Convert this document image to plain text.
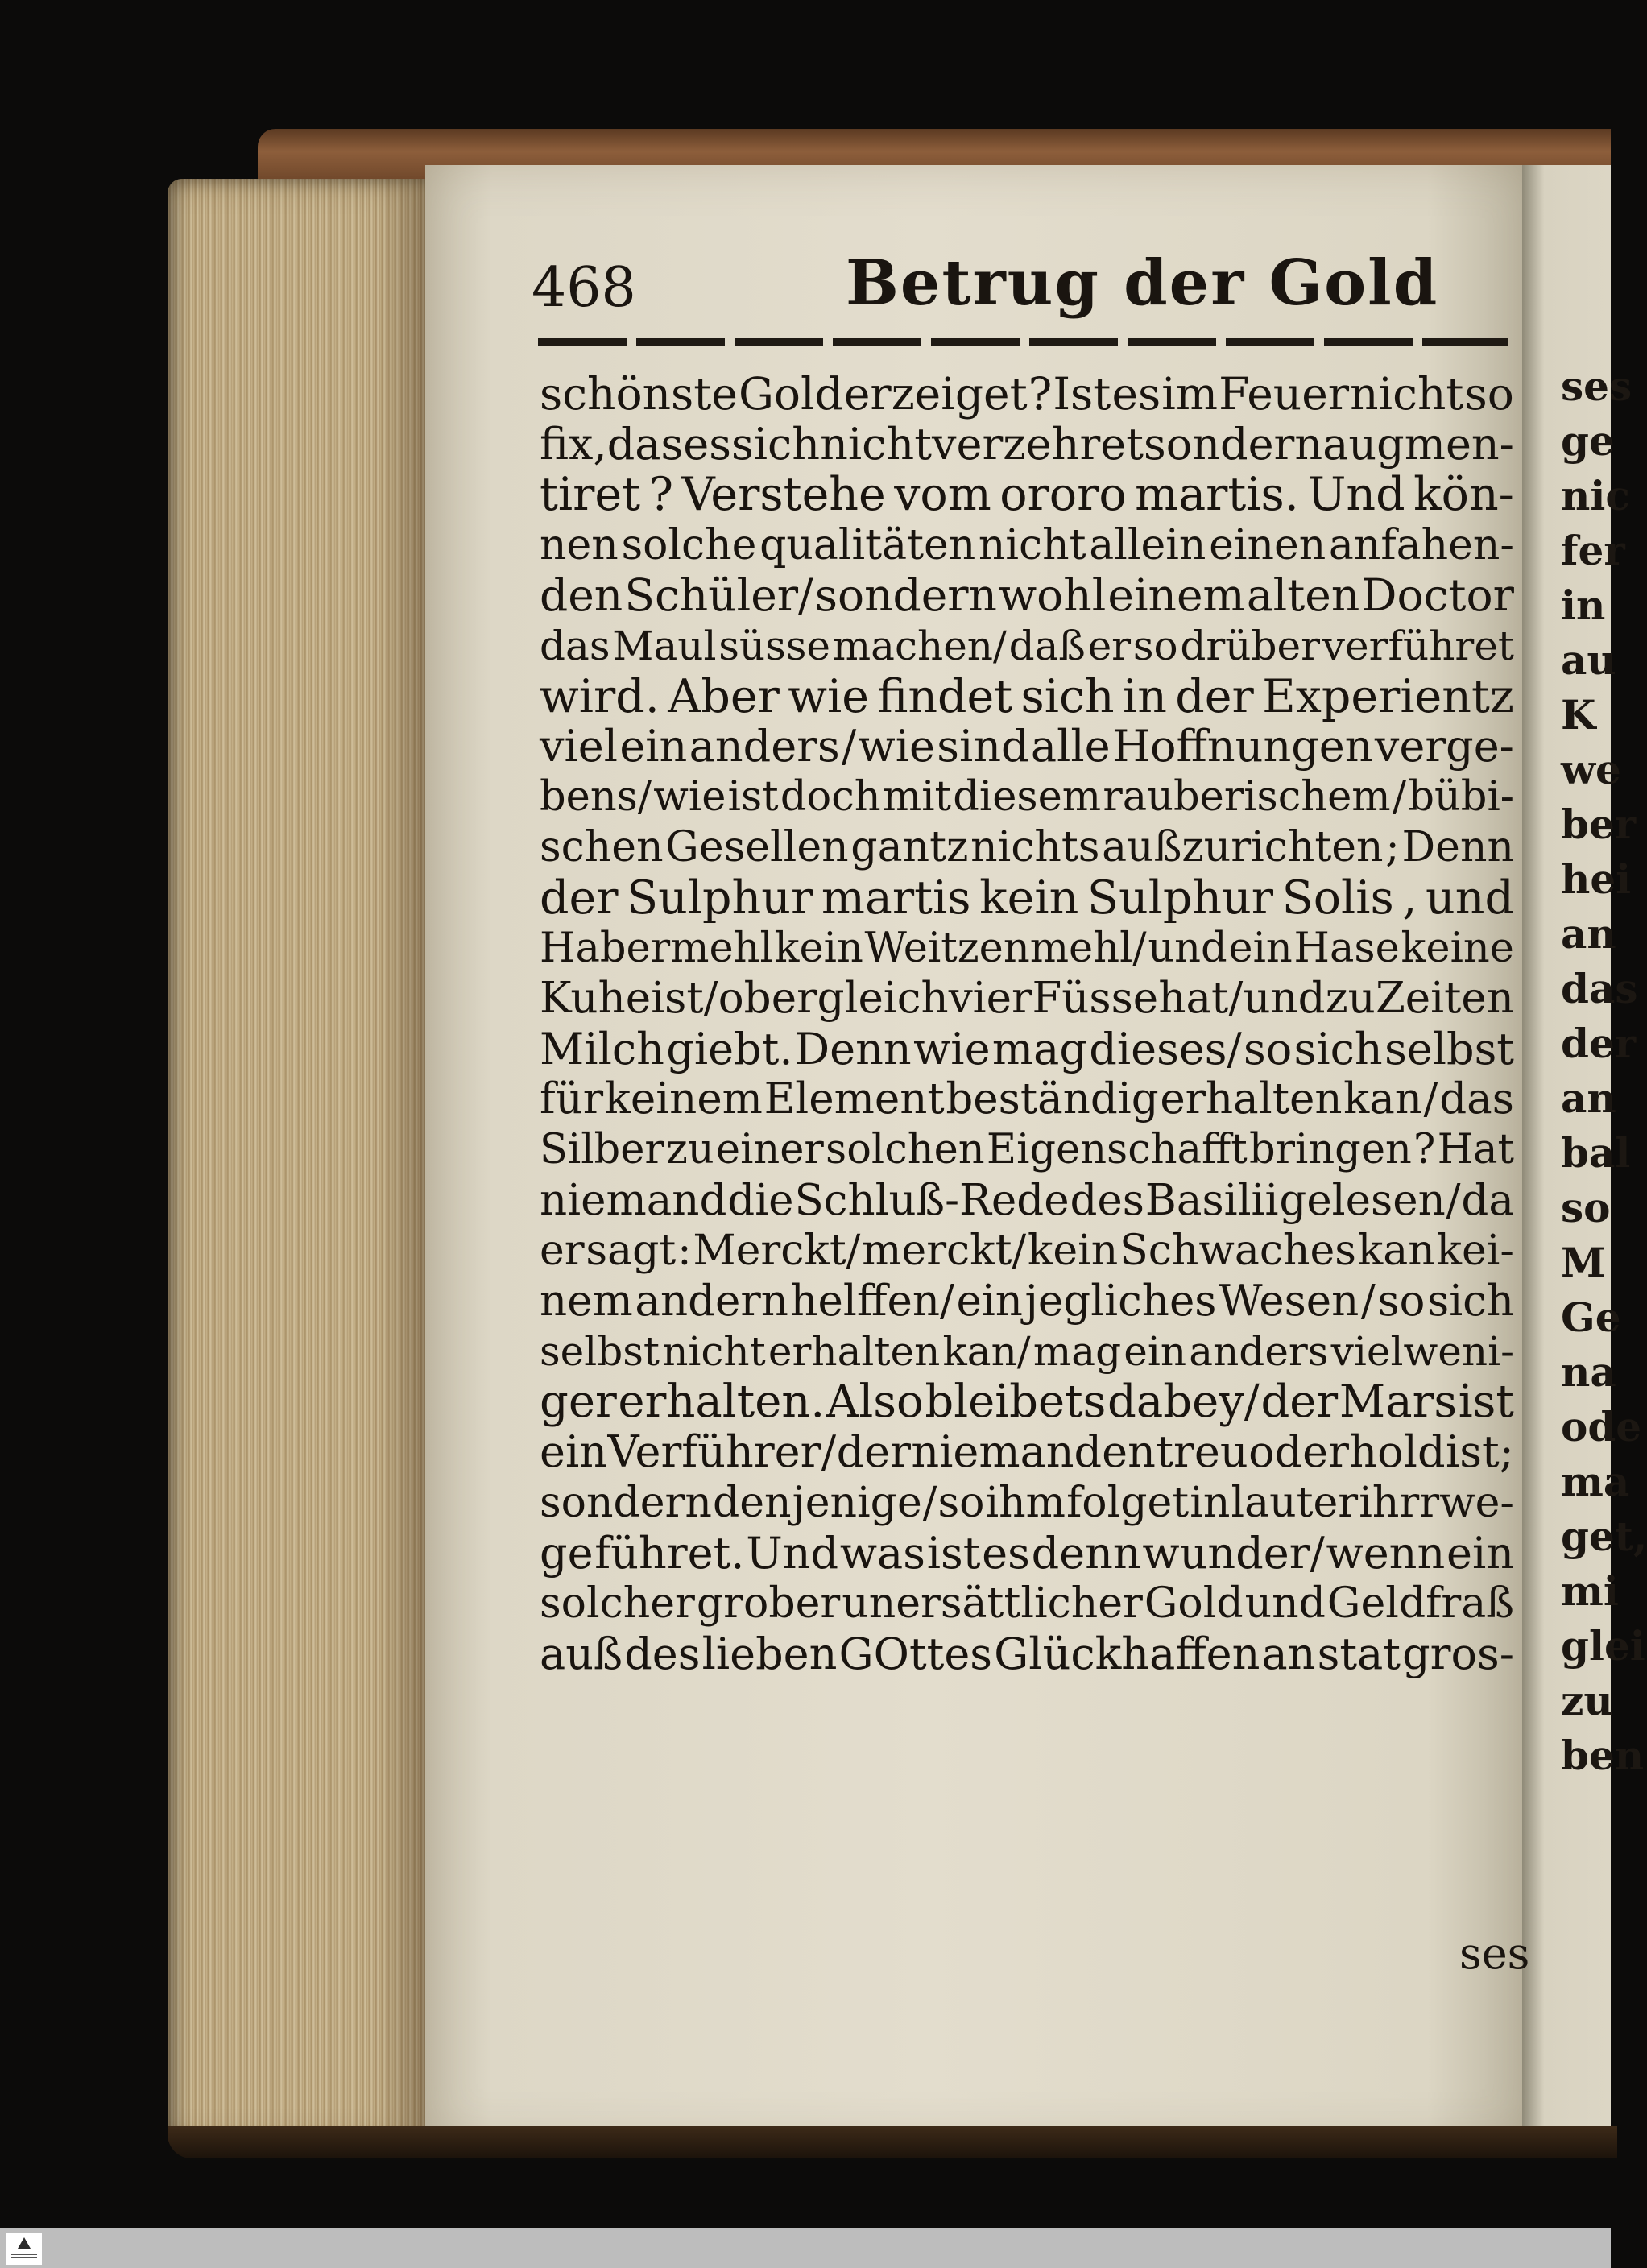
ses
ge
nic
fer
in
au
K
we
ber
hei
an
das
der
an
bal
so
M
Ge
na
ode
ma
get,
mi
glei
zu
ben
468	Betrug der Gold
schönste Gold erzeiget ? Ist es im Feuer nicht so
fix, das es sich nicht verzehret sondern augmen-
tiret ? Verstehe vom ororo martis. Und kön-
nen solche qualitäten nicht allein einen anfahen-
den Schüler/ sondern wohl einem alten Doctor
das Maul süsse machen/ daß er so drüber verführet
wird. Aber wie findet sich in der Experientz
viel ein anders / wie sind alle Hoffnungen verge-
bens/ wie ist doch mit diesem rauberischem / bübi-
schen Gesellen gantz nichts außzurichten ; Denn
der Sulphur martis kein Sulphur Solis , und
Habermehl kein Weitzenmehl/ und ein Hase keine
Kuhe ist/ ob er gleich vier Füsse hat/ und zu Zeiten
Milch giebt. Denn wie mag dieses/ so sich selbst
für keinem Element beständig erhalten kan / das
Silber zu einer solchen Eigenschafft bringen ? Hat
niemand die Schluß-Rede des Basilii gelesen / da
er sagt : Merckt/ merckt/ kein Schwaches kan kei-
nem andern helffen/ ein jegliches Wesen / so sich
selbst nicht erhalten kan/ mag ein anders vielweni-
ger erhalten. Also bleibets dabey/ der Mars ist
ein Verführer / der niemanden treu oder hold ist;
sondern den jenige / so ihm folget in lauter ihrrwe-
ge führet. Und was ist es denn wunder/ wenn ein
solcher grober unersättlicher Gold und Geldfraß
auß des lieben GOttes Glückhaffen an stat gros-
ses
